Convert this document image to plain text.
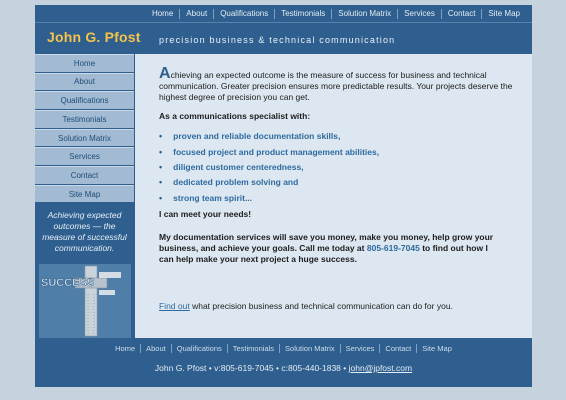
Home	About	Qualifications	Testimonials	Solution Matrix	Services	Contact	Site Map
John G. Pfost precision business & technical communication
Home
About
Qualifications
Testimonials
Solution Matrix
Services
Contact
Site Map
Achieving expected outcomes — the measure of successful communication.
SUCCESS

Achieving an expected outcome is the measure of success for business and technical communication. Greater precision ensures more predictable results. Your projects deserve the highest degree of precision you can get.

As a communications specialist with:
• proven and reliable documentation skills,
• focused project and product management abilities,
• diligent customer centeredness,
• dedicated problem solving and
• strong team spirit...
I can meet your needs!

My documentation services will save you money, make you money, help grow your business, and achieve your goals. Call me today at 805-619-7045 to find out how I can help make your next project a huge success.

Find out what precision business and technical communication can do for you.

Home	About	Qualifications	Testimonials	Solution Matrix	Services	Contact	Site Map
John G. Pfost • v:805-619-7045 • c:805-440-1838 • john@jpfost.com
